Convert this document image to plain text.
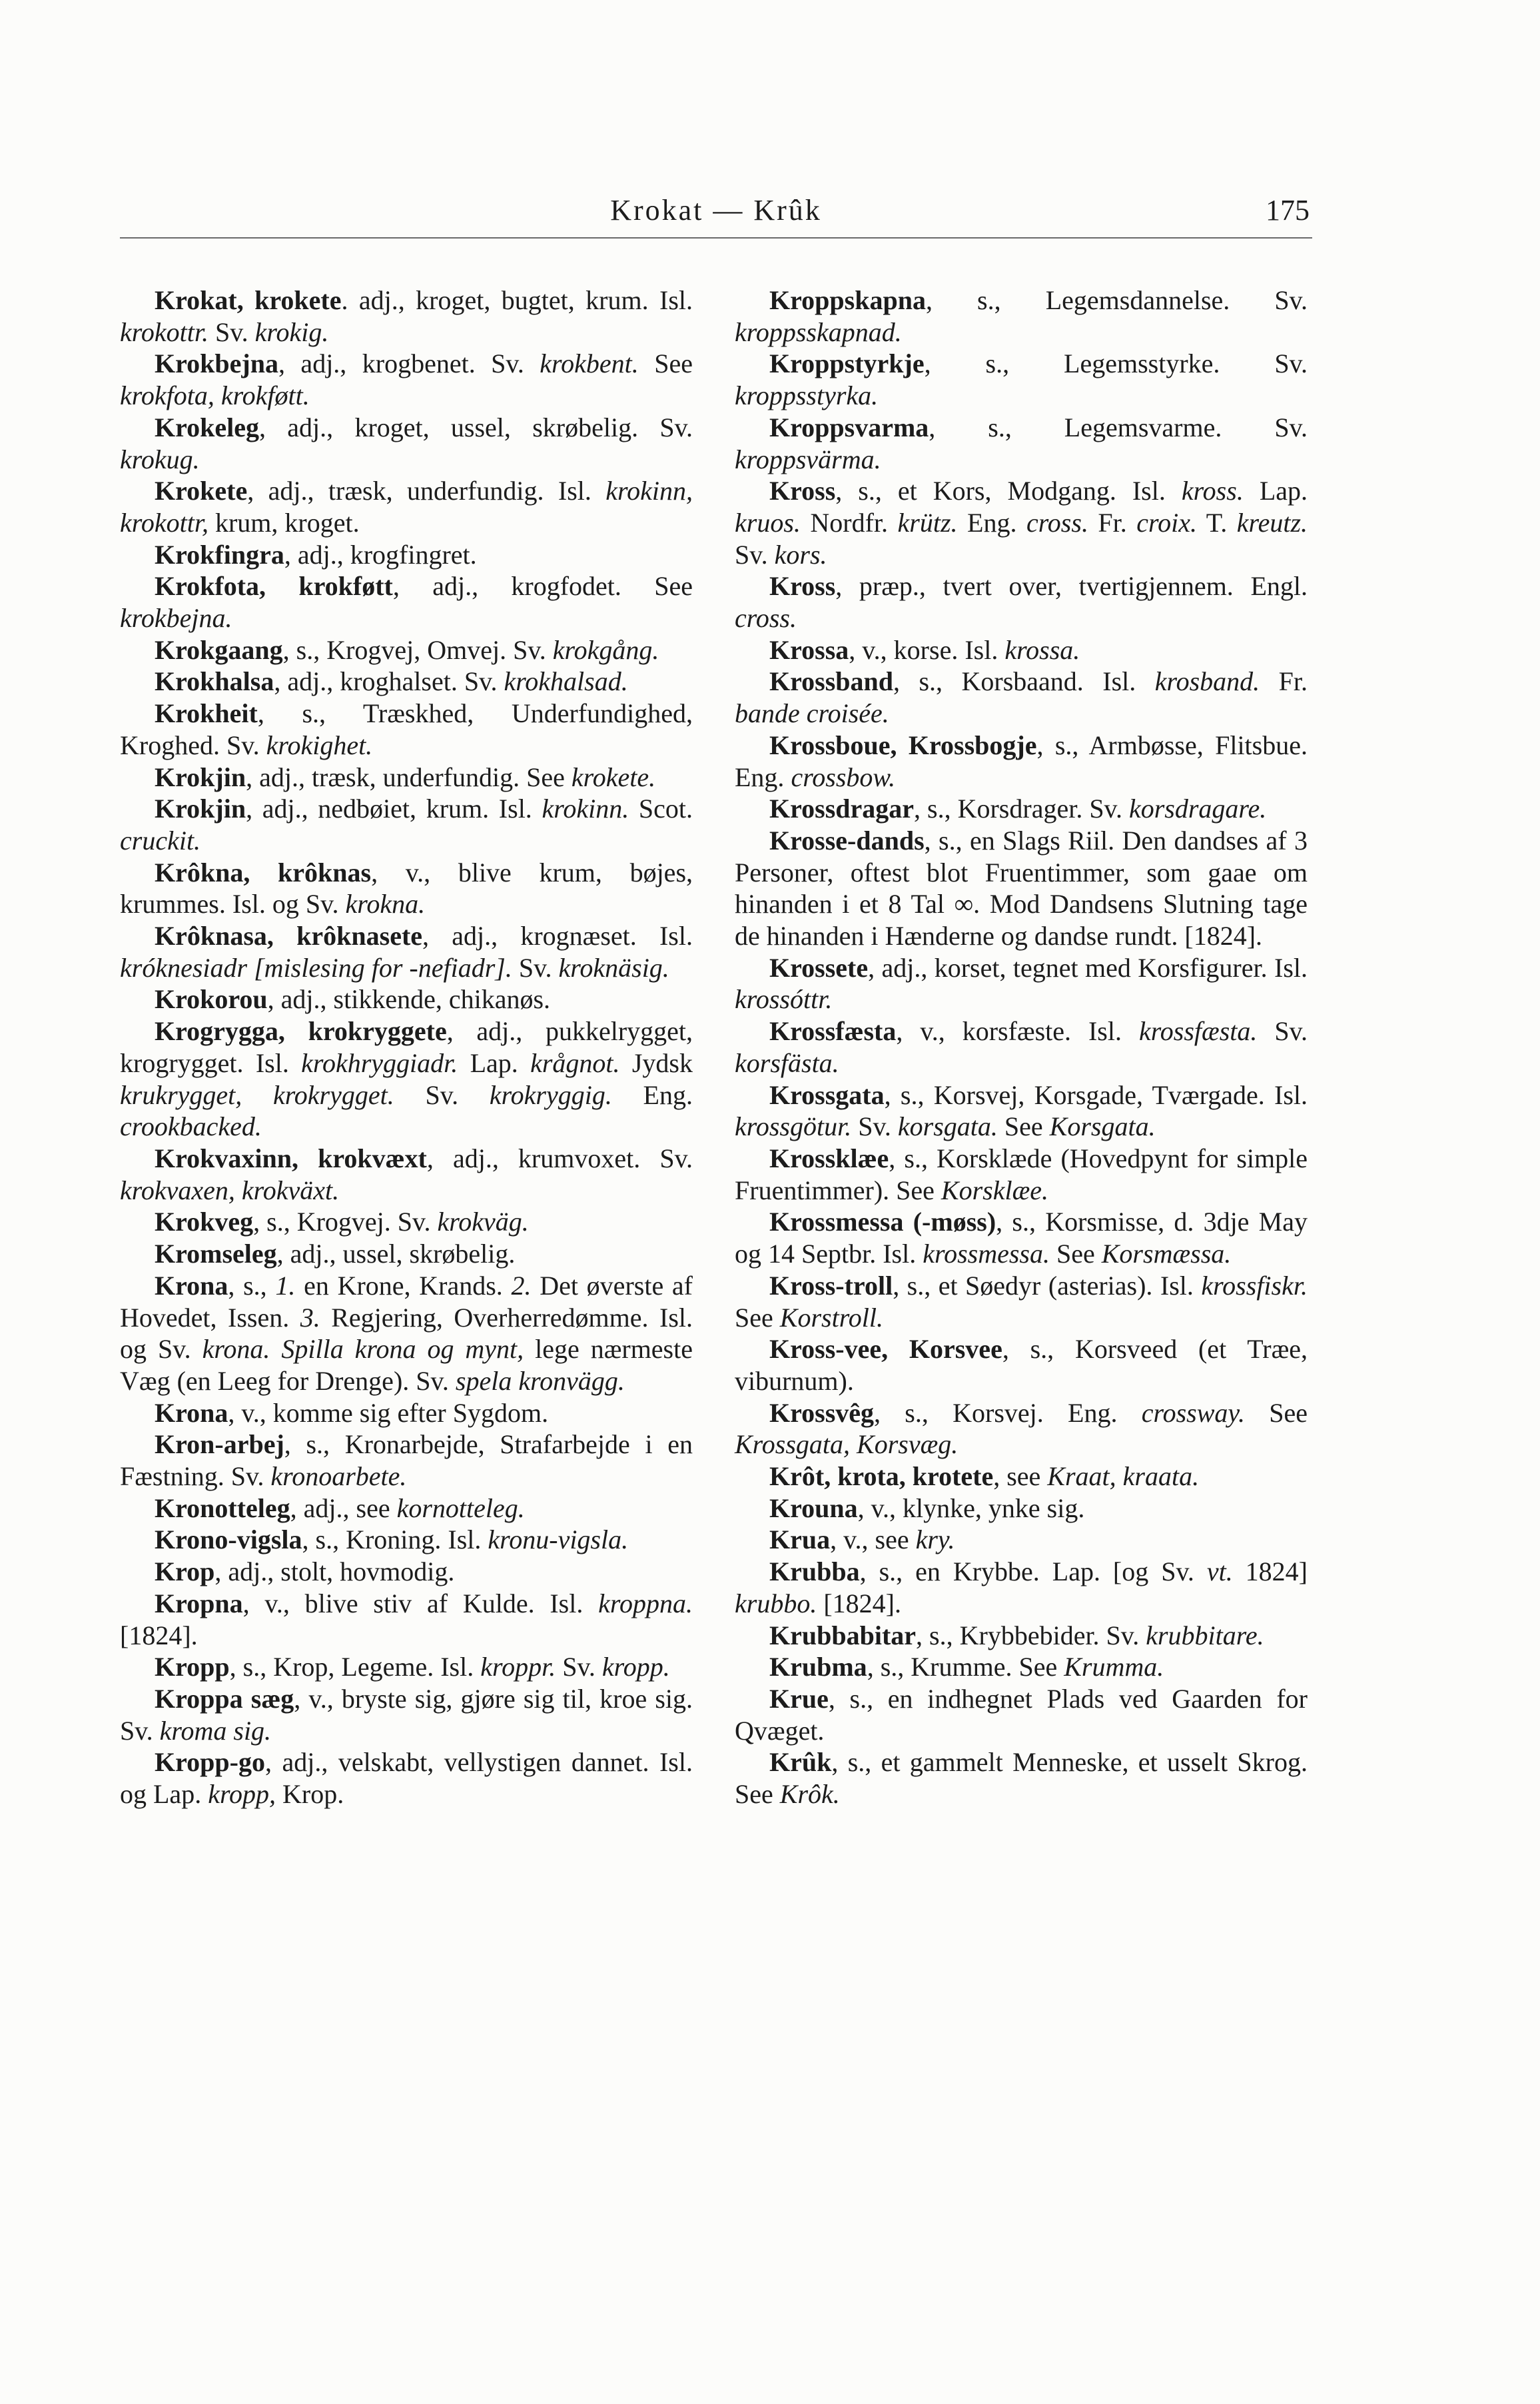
Krokat — Krûk	175

Krokat, krokete. adj., kroget, bugtet, krum. Isl. krokottr. Sv. krokig.

Krokbejna, adj., krogbenet. Sv. krokbent. See krokfota, krokføtt.

Krokeleg, adj., kroget, ussel, skrøbelig. Sv. krokug.

Krokete, adj., træsk, underfundig. Isl. krokinn, krokottr, krum, kroget.

Krokfingra, adj., krogfingret.

Krokfota, krokføtt, adj., krogfodet. See krokbejna.

Krokgaang, s., Krogvej, Omvej. Sv. krokgång.

Krokhalsa, adj., kroghalset. Sv. krokhalsad.

Krokheit, s., Træskhed, Underfundighed, Kroghed. Sv. krokighet.

Krokjin, adj., træsk, underfundig. See krokete.

Krokjin, adj., nedbøiet, krum. Isl. krokinn. Scot. cruckit.

Krôkna, krôknas, v., blive krum, bøjes, krummes. Isl. og Sv. krokna.

Krôknasa, krôknasete, adj., krognæset. Isl. króknesiadr [mislesing for -nefiadr]. Sv. kroknäsig.

Krokorou, adj., stikkende, chikanøs.

Krogrygga, krokryggete, adj., pukkelrygget, krogrygget. Isl. krokhryggiadr. Lap. krågnot. Jydsk krukrygget, krokrygget. Sv. krokryggig. Eng. crookbacked.

Krokvaxinn, krokvæxt, adj., krumvoxet. Sv. krokvaxen, krokväxt.

Krokveg, s., Krogvej. Sv. krokväg.

Kromseleg, adj., ussel, skrøbelig.

Krona, s., 1. en Krone, Krands. 2. Det øverste af Hovedet, Issen. 3. Regjering, Overherredømme. Isl. og Sv. krona. Spilla krona og mynt, lege nærmeste Væg (en Leeg for Drenge). Sv. spela kronvägg.

Krona, v., komme sig efter Sygdom.

Kron-arbej, s., Kronarbejde, Strafarbejde i en Fæstning. Sv. kronoarbete.

Kronotteleg, adj., see kornotteleg.

Krono-vigsla, s., Kroning. Isl. kronu-vigsla.

Krop, adj., stolt, hovmodig.

Kropna, v., blive stiv af Kulde. Isl. kroppna. [1824].

Kropp, s., Krop, Legeme. Isl. kroppr. Sv. kropp.

Kroppa sæg, v., bryste sig, gjøre sig til, kroe sig. Sv. kroma sig.

Kropp-go, adj., velskabt, vellystigen dannet. Isl. og Lap. kropp, Krop.

Kroppskapna, s., Legemsdannelse. Sv. kroppsskapnad.

Kroppstyrkje, s., Legemsstyrke. Sv. kroppsstyrka.

Kroppsvarma, s., Legemsvarme. Sv. kroppsvärma.

Kross, s., et Kors, Modgang. Isl. kross. Lap. kruos. Nordfr. krütz. Eng. cross. Fr. croix. T. kreutz. Sv. kors.

Kross, præp., tvert over, tvertigjennem. Engl. cross.

Krossa, v., korse. Isl. krossa.

Krossband, s., Korsbaand. Isl. krosband. Fr. bande croisée.

Krossboue, Krossbogje, s., Armbøsse, Flitsbue. Eng. crossbow.

Krossdragar, s., Korsdrager. Sv. korsdragare.

Krosse-dands, s., en Slags Riil. Den dandses af 3 Personer, oftest blot Fruentimmer, som gaae om hinanden i et 8 Tal ∞. Mod Dandsens Slutning tage de hinanden i Hænderne og dandse rundt. [1824].

Krossete, adj., korset, tegnet med Korsfigurer. Isl. krossóttr.

Krossfæsta, v., korsfæste. Isl. krossfæsta. Sv. korsfästa.

Krossgata, s., Korsvej, Korsgade, Tværgade. Isl. krossgötur. Sv. korsgata. See Korsgata.

Krossklæe, s., Korsklæde (Hovedpynt for simple Fruentimmer). See Korsklæe.

Krossmessa (-møss), s., Korsmisse, d. 3dje May og 14 Septbr. Isl. krossmessa. See Korsmæssa.

Kross-troll, s., et Søedyr (asterias). Isl. krossfiskr. See Korstroll.

Kross-vee, Korsvee, s., Korsveed (et Træe, viburnum).

Krossvêg, s., Korsvej. Eng. crossway. See Krossgata, Korsvæg.

Krôt, krota, krotete, see Kraat, kraata.

Krouna, v., klynke, ynke sig.

Krua, v., see kry.

Krubba, s., en Krybbe. Lap. [og Sv. vt. 1824] krubbo. [1824].

Krubbabitar, s., Krybbebider. Sv. krubbitare.

Krubma, s., Krumme. See Krumma.

Krue, s., en indhegnet Plads ved Gaarden for Qvæget.

Krûk, s., et gammelt Menneske, et usselt Skrog. See Krôk.
